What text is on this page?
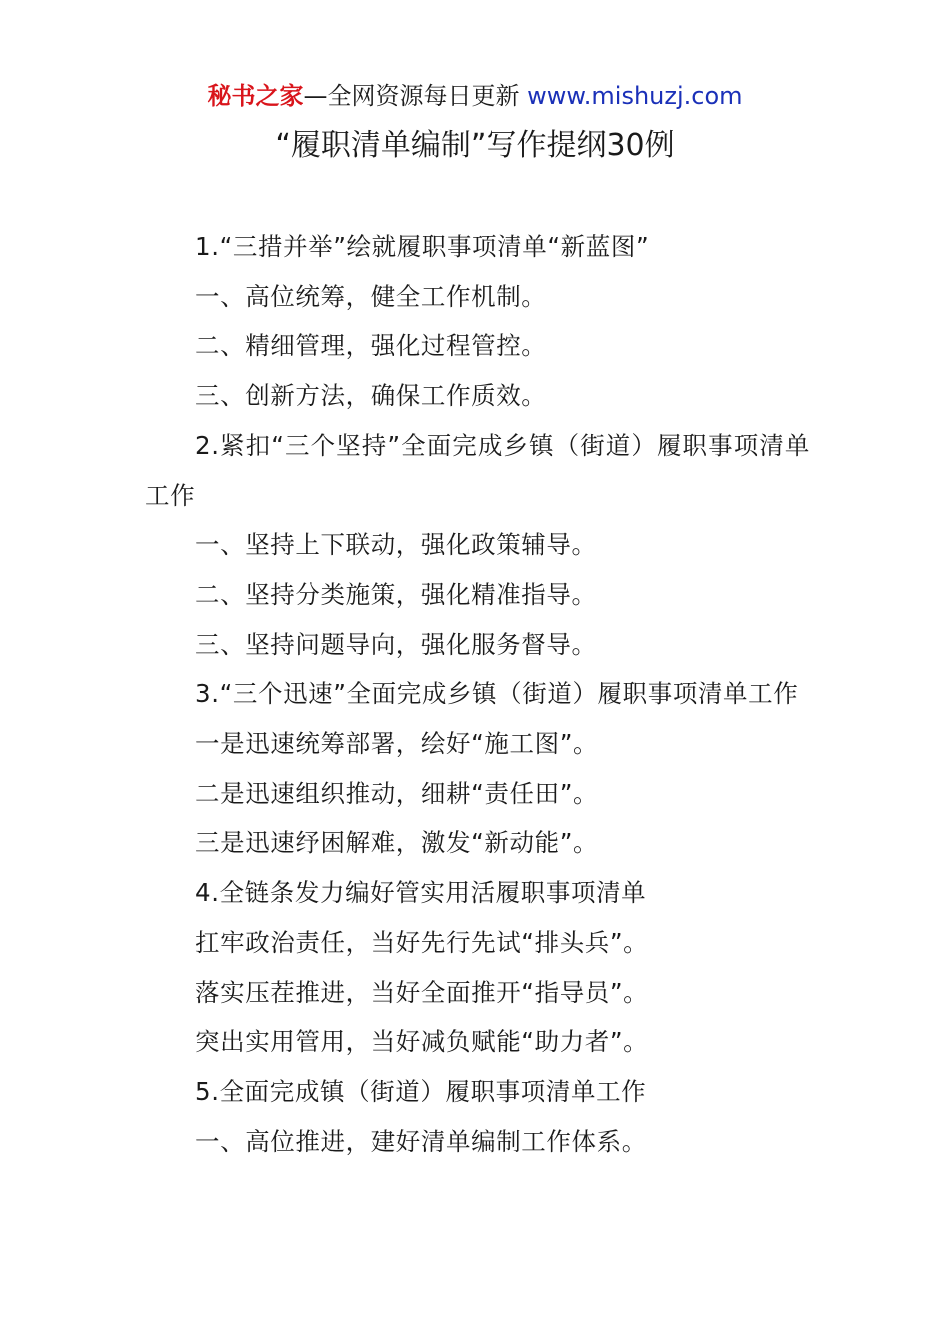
秘书之家—全网资源每日更新 www.mishuzj.com
“履职清单编制”写作提纲30例

1.“三措并举”绘就履职事项清单“新蓝图”

一、高位统筹，健全工作机制。

二、精细管理，强化过程管控。

三、创新方法，确保工作质效。

2.紧扣“三个坚持”全面完成乡镇（街道）履职事项清单工作

一、坚持上下联动，强化政策辅导。

二、坚持分类施策，强化精准指导。

三、坚持问题导向，强化服务督导。

3.“三个迅速”全面完成乡镇（街道）履职事项清单工作

一是迅速统筹部署，绘好“施工图”。

二是迅速组织推动，细耕“责任田”。

三是迅速纾困解难，激发“新动能”。

4.全链条发力编好管实用活履职事项清单

扛牢政治责任，当好先行先试“排头兵”。

落实压茬推进，当好全面推开“指导员”。

突出实用管用，当好减负赋能“助力者”。

5.全面完成镇（街道）履职事项清单工作

一、高位推进，建好清单编制工作体系。
